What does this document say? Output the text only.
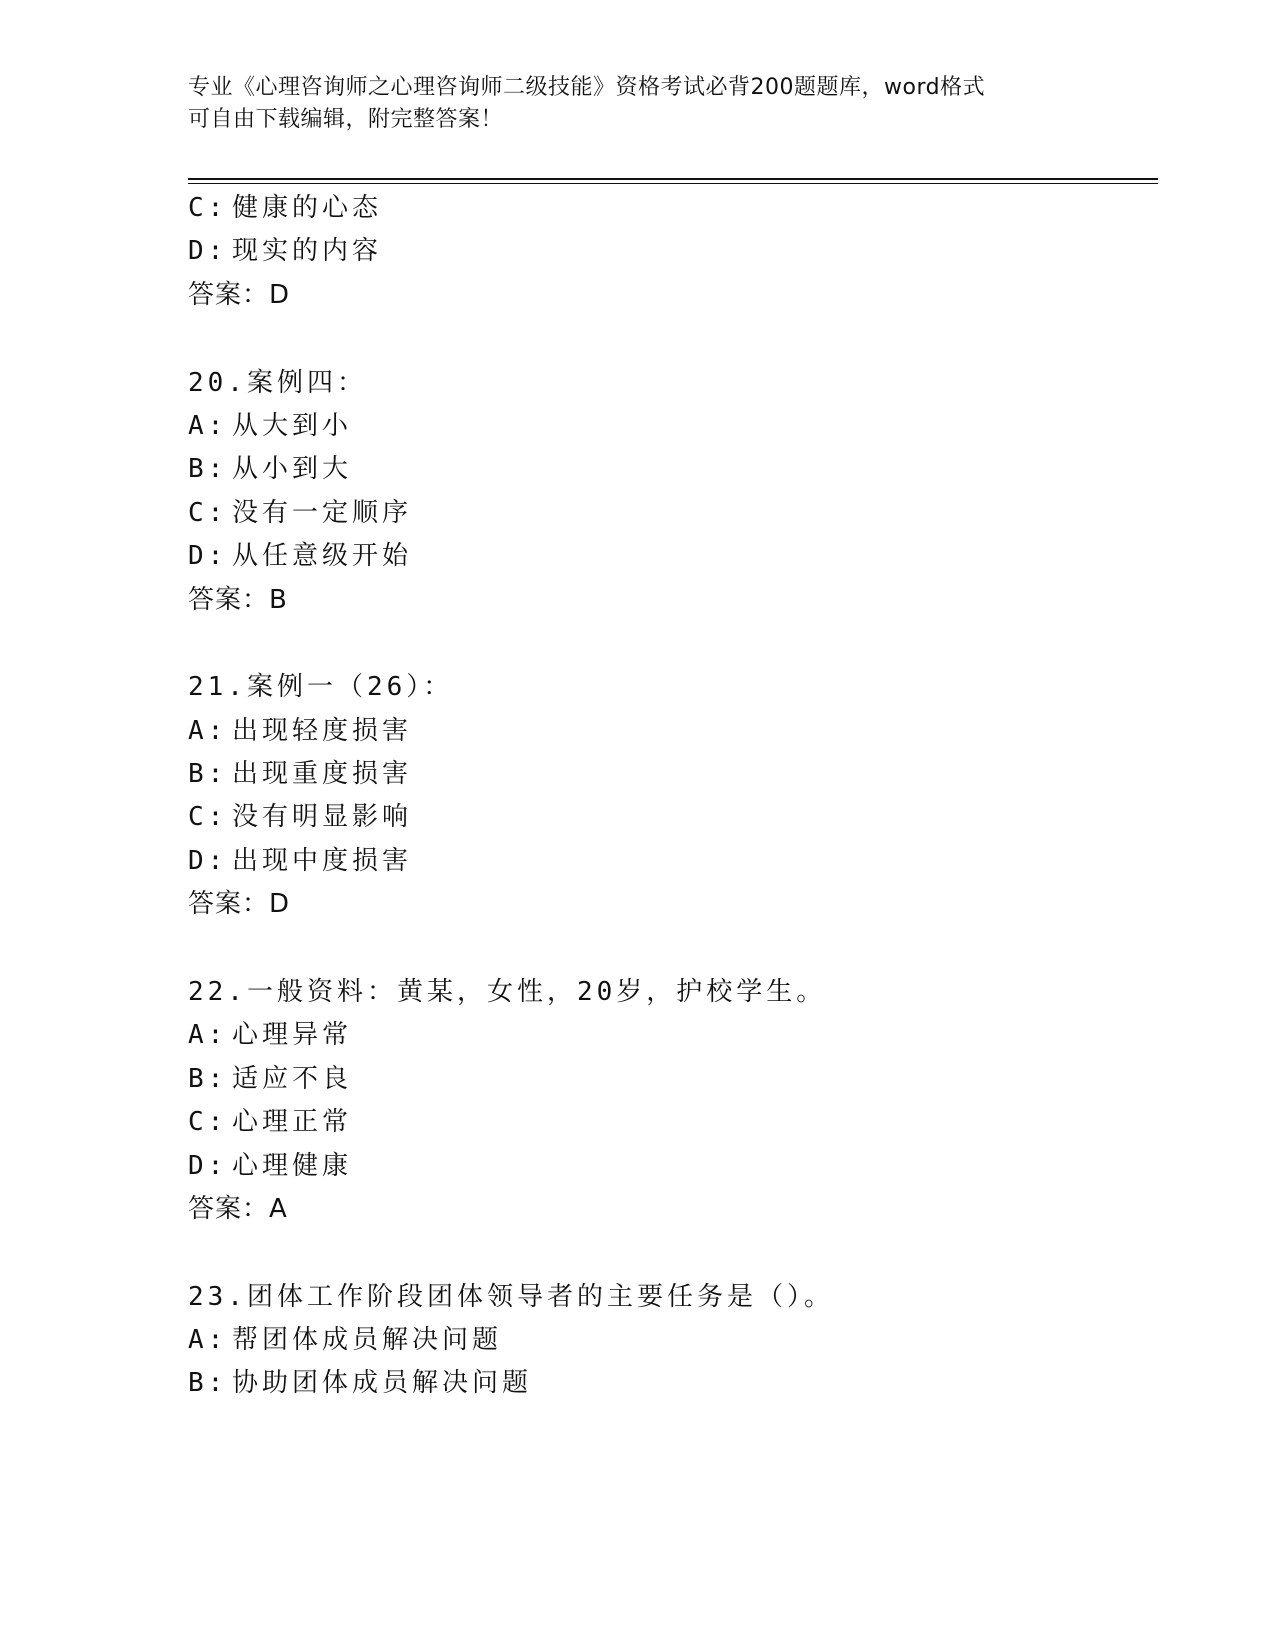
专业《心理咨询师之心理咨询师二级技能》资格考试必背200题题库，word格式
可自由下载编辑，附完整答案！
C: 健康的心态
D: 现实的内容
答案：D
20.案例四：
A: 从大到小
B: 从小到大
C: 没有一定顺序
D: 从任意级开始
答案：B
21.案例一（26）：
A: 出现轻度损害
B: 出现重度损害
C: 没有明显影响
D: 出现中度损害
答案：D
22.一般资料：黄某，女性，20岁，护校学生。
A: 心理异常
B: 适应不良
C: 心理正常
D: 心理健康
答案：A
23.团体工作阶段团体领导者的主要任务是（）。
A: 帮团体成员解决问题
B: 协助团体成员解决问题
